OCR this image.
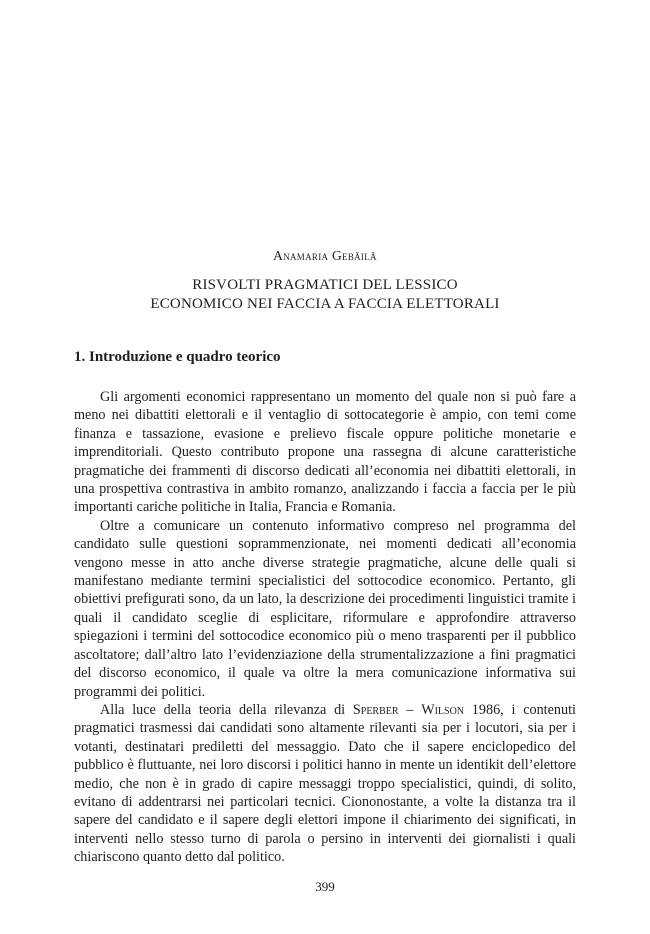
Anamaria Gebăilă
RISVOLTI PRAGMATICI DEL LESSICO
ECONOMICO NEI FACCIA A FACCIA ELETTORALI
1. Introduzione e quadro teorico

Gli argomenti economici rappresentano un momento del quale non si può fare a meno nei dibattiti elettorali e il ventaglio di sottocategorie è ampio, con temi come finanza e tassazione, evasione e prelievo fiscale oppure politiche monetarie e imprenditoriali. Questo contributo propone una rassegna di alcune caratteristiche pragmatiche dei frammenti di discorso dedicati all’economia nei dibattiti elettorali, in una prospettiva contrastiva in ambito romanzo, analizzando i faccia a faccia per le più importanti cariche politiche in Italia, Francia e Romania.

Oltre a comunicare un contenuto informativo compreso nel programma del candidato sulle questioni soprammenzionate, nei momenti dedicati all’economia vengono messe in atto anche diverse strategie pragmatiche, alcune delle quali si manifestano mediante termini specialistici del sottocodice economico. Pertanto, gli obiettivi prefigurati sono, da un lato, la descrizione dei procedimenti linguistici tramite i quali il candidato sceglie di esplicitare, riformulare e approfondire attraverso spiegazioni i termini del sottocodice economico più o meno trasparenti per il pubblico ascoltatore; dall’altro lato l’evidenziazione della strumentalizzazione a fini pragmatici del discorso economico, il quale va oltre la mera comunicazione informativa sui programmi dei politici.

Alla luce della teoria della rilevanza di Sperber – Wilson 1986, i contenuti pragmatici trasmessi dai candidati sono altamente rilevanti sia per i locutori, sia per i votanti, destinatari prediletti del messaggio. Dato che il sapere enciclopedico del pubblico è fluttuante, nei loro discorsi i politici hanno in mente un identikit dell’elettore medio, che non è in grado di capire messaggi troppo specialistici, quindi, di solito, evitano di addentrarsi nei particolari tecnici. Ciononostante, a volte la distanza tra il sapere del candidato e il sapere degli elettori impone il chiarimento dei significati, in interventi nello stesso turno di parola o persino in interventi dei giornalisti i quali chiariscono quanto detto dal politico.

399
